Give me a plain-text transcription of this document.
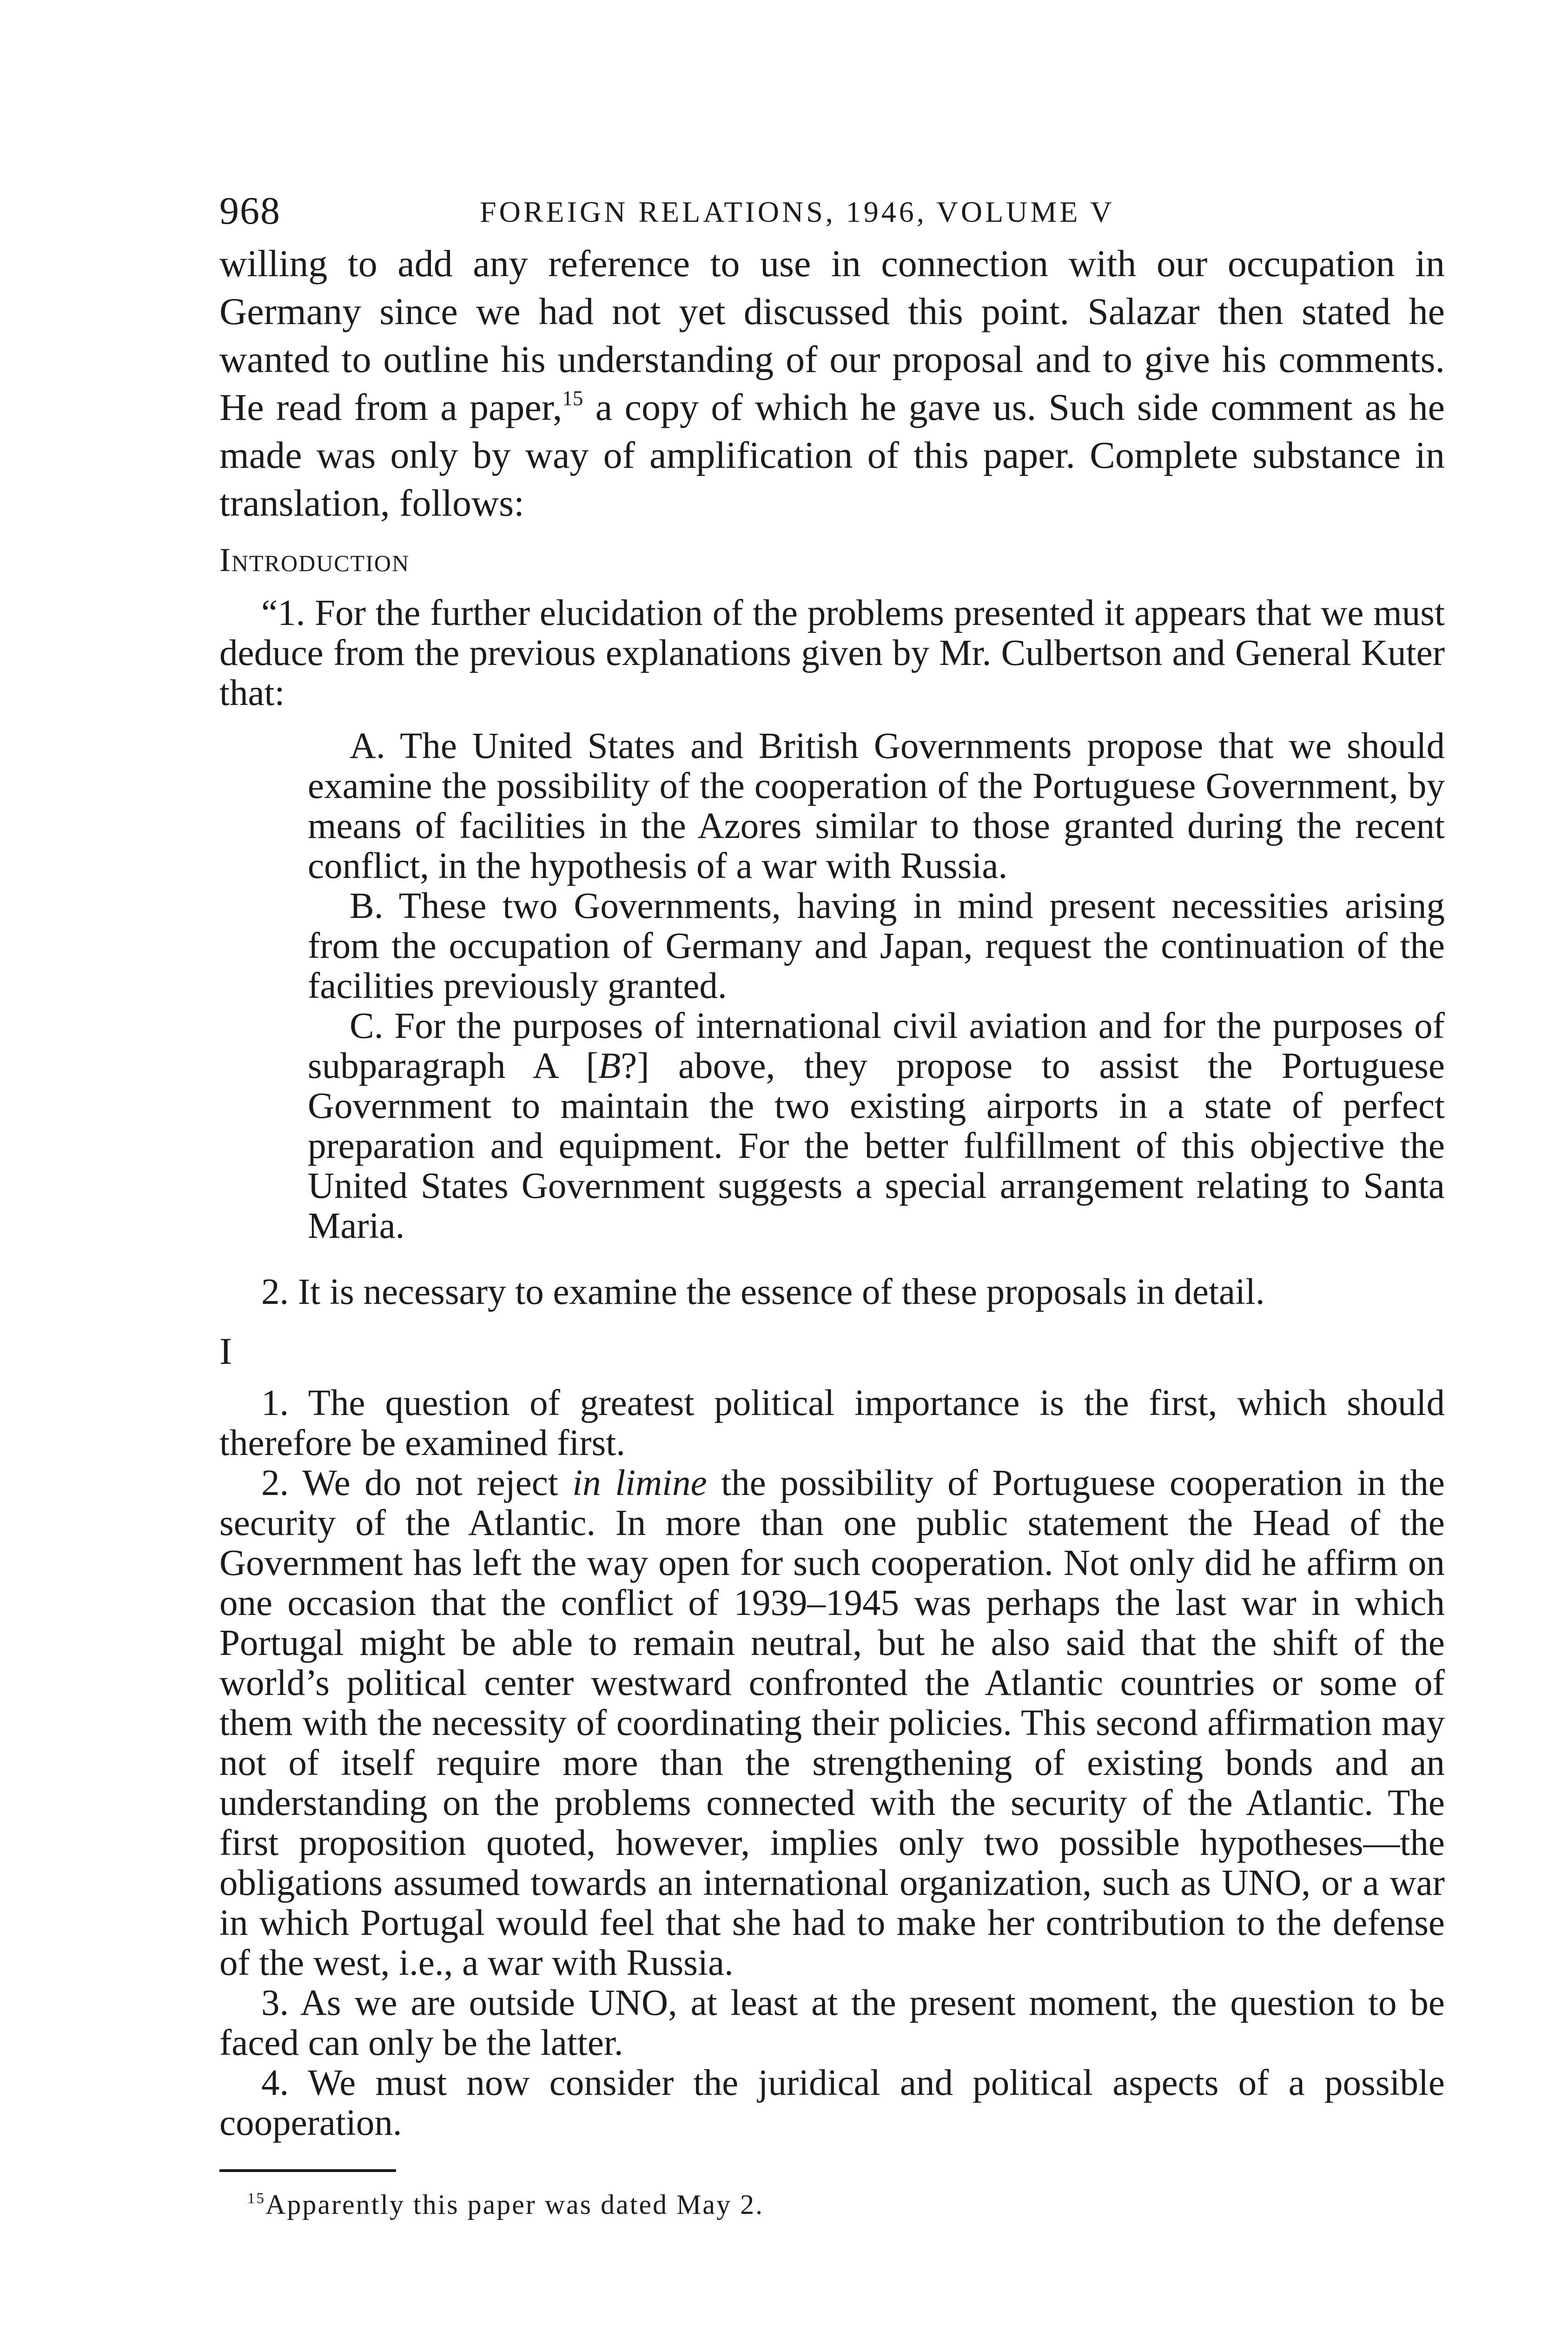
968	FOREIGN RELATIONS, 1946, VOLUME V

willing to add any reference to use in connection with our occupation in Germany since we had not yet discussed this point. Salazar then stated he wanted to outline his understanding of our proposal and to give his comments. He read from a paper,$^{15}$ a copy of which he gave us. Such side comment as he made was only by way of amplification of this paper. Complete substance in translation, follows:

Introduction

“1. For the further elucidation of the problems presented it appears that we must deduce from the previous explanations given by Mr. Culbertson and General Kuter that:

A. The United States and British Governments propose that we should examine the possibility of the cooperation of the Portuguese Government, by means of facilities in the Azores similar to those granted during the recent conflict, in the hypothesis of a war with Russia.

B. These two Governments, having in mind present necessities arising from the occupation of Germany and Japan, request the continuation of the facilities previously granted.

C. For the purposes of international civil aviation and for the purposes of subparagraph A [B?] above, they propose to assist the Portuguese Government to maintain the two existing airports in a state of perfect preparation and equipment. For the better fulfillment of this objective the United States Government suggests a special arrangement relating to Santa Maria.

2. It is necessary to examine the essence of these proposals in detail.

I

1. The question of greatest political importance is the first, which should therefore be examined first.

2. We do not reject in limine the possibility of Portuguese cooperation in the security of the Atlantic. In more than one public statement the Head of the Government has left the way open for such cooperation. Not only did he affirm on one occasion that the conflict of 1939–1945 was perhaps the last war in which Portugal might be able to remain neutral, but he also said that the shift of the world’s political center westward confronted the Atlantic countries or some of them with the necessity of coordinating their policies. This second affirmation may not of itself require more than the strengthening of existing bonds and an understanding on the problems connected with the security of the Atlantic. The first proposition quoted, however, implies only two possible hypotheses—the obligations assumed towards an international organization, such as UNO, or a war in which Portugal would feel that she had to make her contribution to the defense of the west, i.e., a war with Russia.

3. As we are outside UNO, at least at the present moment, the question to be faced can only be the latter.

4. We must now consider the juridical and political aspects of a possible cooperation.

$^{15}$Apparently this paper was dated May 2.
